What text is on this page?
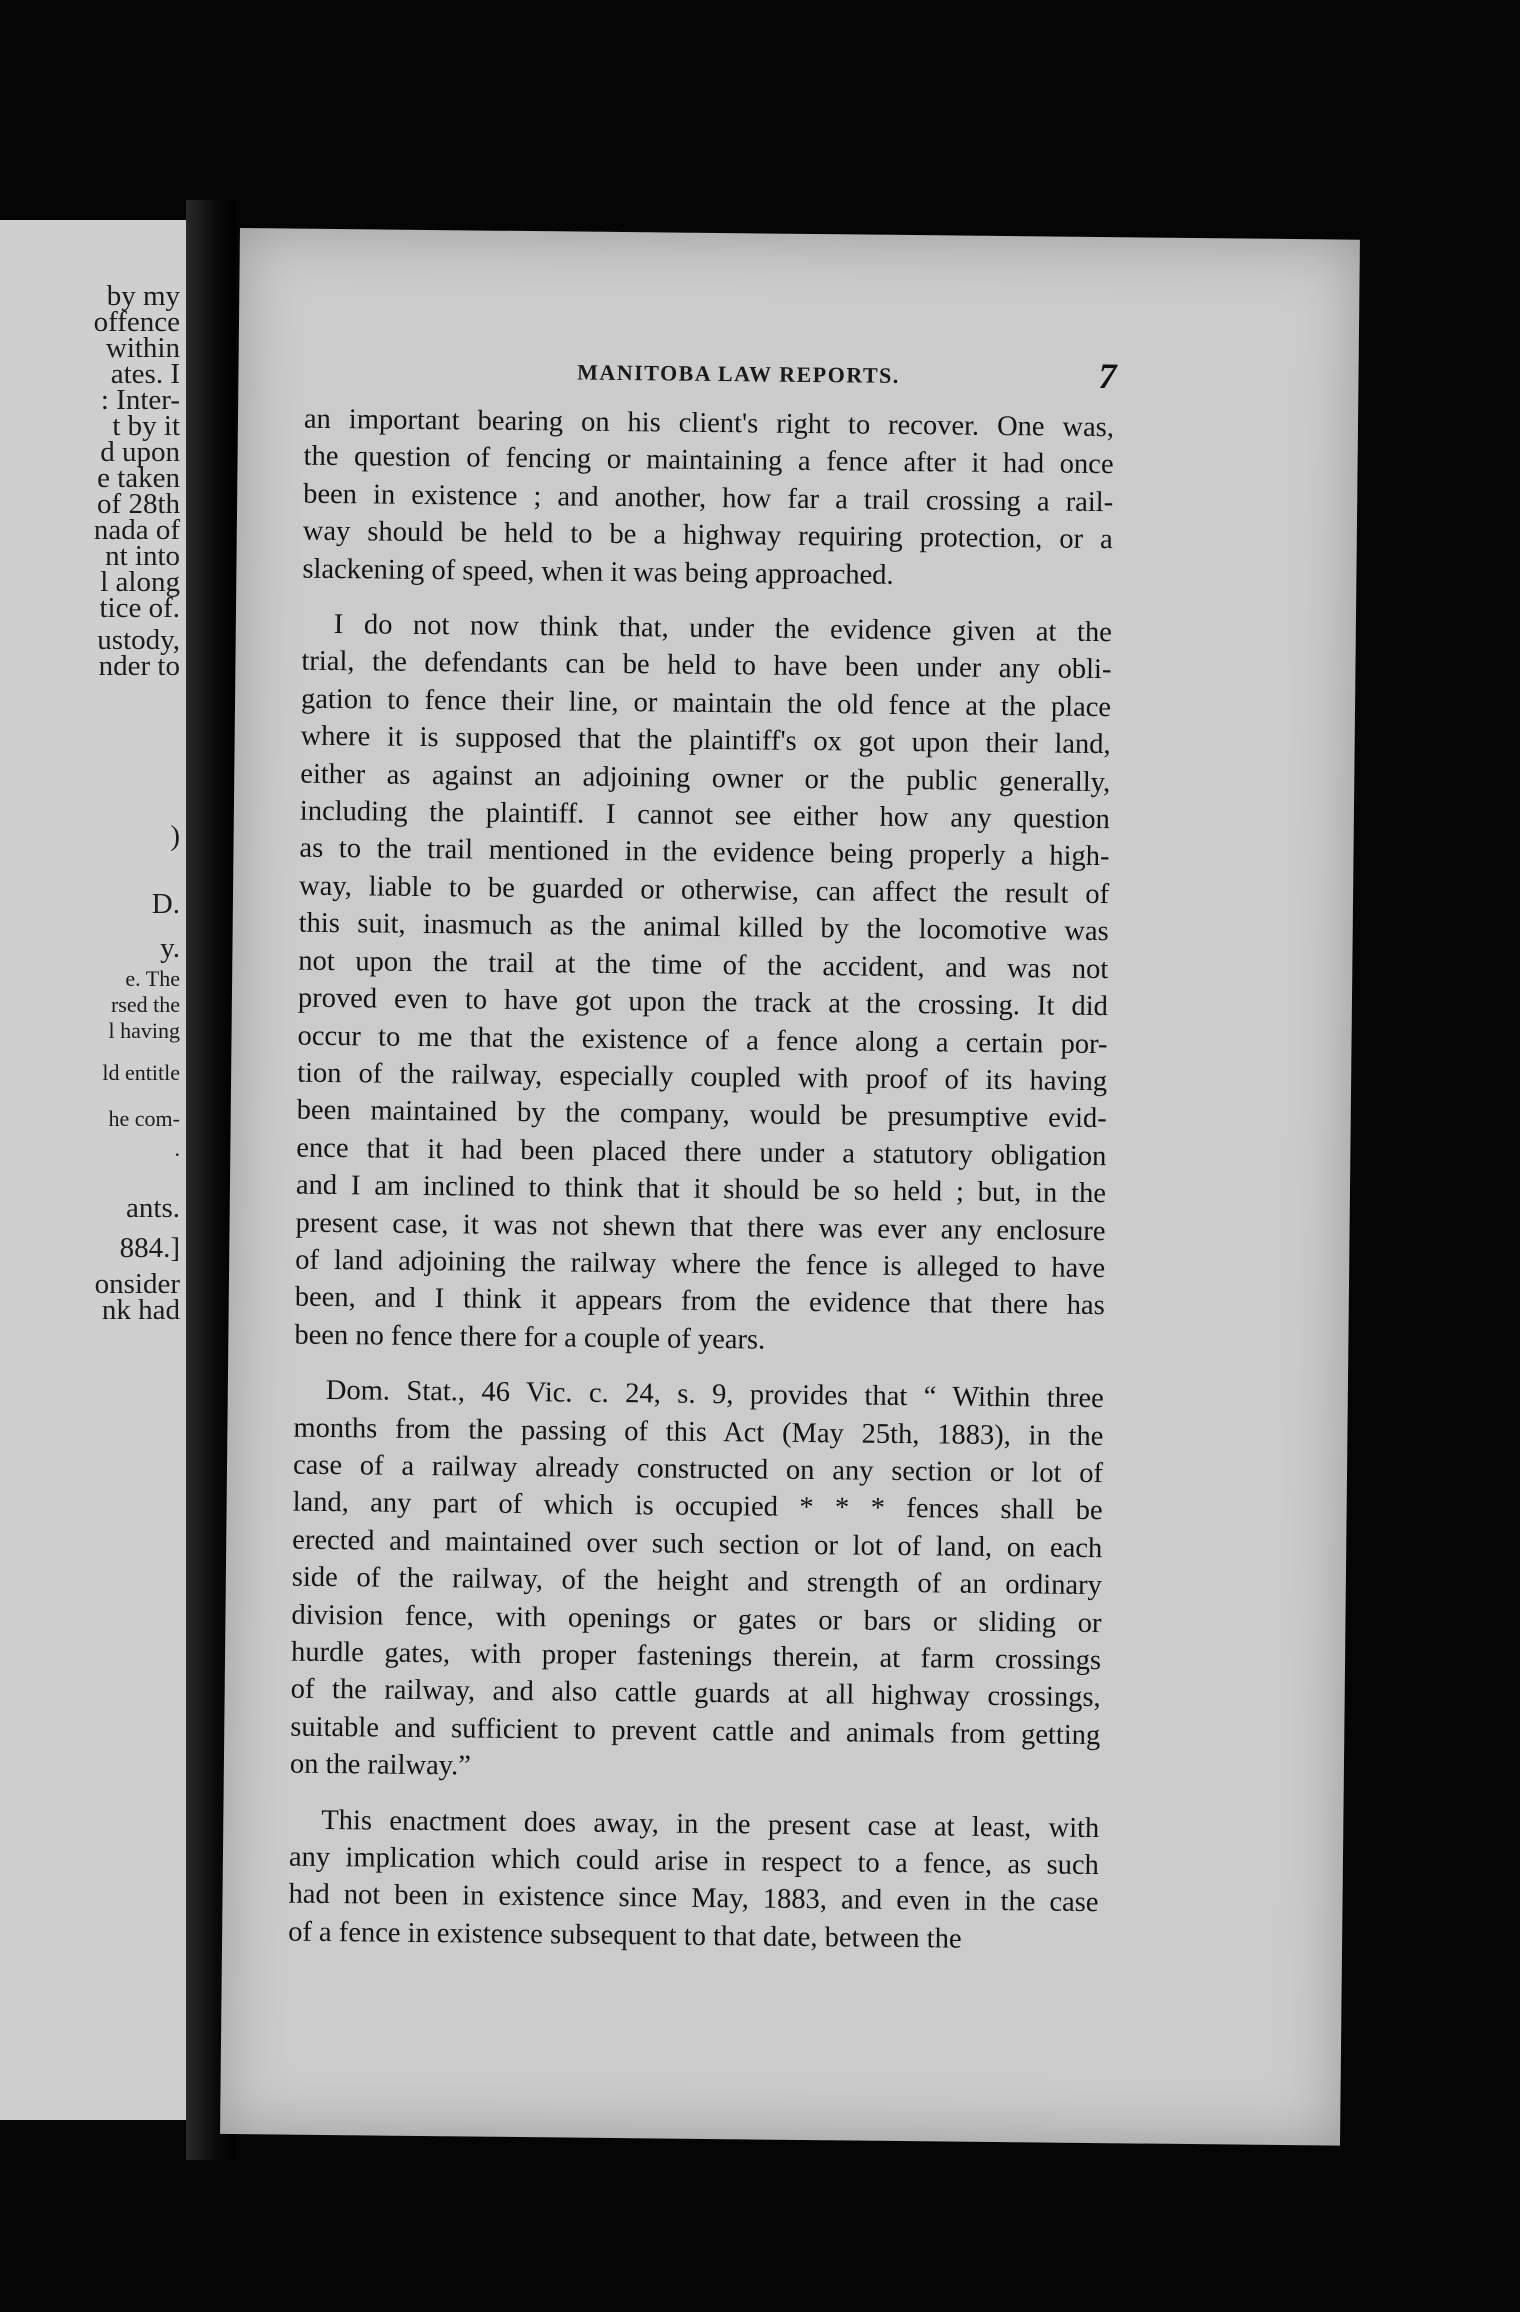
by my
offence
within
ates. I
: Inter-
t by it
d upon
e taken
of 28th
nada of
nt into
l along
tice of.
ustody,
nder to
)
D.
y.
e. The
rsed the
l having
ld entitle
he com-
.
ants.
884.]
onsider
nk had
MANITOBA LAW REPORTS.	7
an important bearing on his client's right to recover. One was,
the question of fencing or maintaining a fence after it had once
been in existence ; and another, how far a trail crossing a rail-
way should be held to be a highway requiring protection, or a
slackening of speed, when it was being approached.
I do not now think that, under the evidence given at the
trial, the defendants can be held to have been under any obli-
gation to fence their line, or maintain the old fence at the place
where it is supposed that the plaintiff's ox got upon their land,
either as against an adjoining owner or the public generally,
including the plaintiff. I cannot see either how any question
as to the trail mentioned in the evidence being properly a high-
way, liable to be guarded or otherwise, can affect the result of
this suit, inasmuch as the animal killed by the locomotive was
not upon the trail at the time of the accident, and was not
proved even to have got upon the track at the crossing. It did
occur to me that the existence of a fence along a certain por-
tion of the railway, especially coupled with proof of its having
been maintained by the company, would be presumptive evid-
ence that it had been placed there under a statutory obligation
and I am inclined to think that it should be so held ; but, in the
present case, it was not shewn that there was ever any enclosure
of land adjoining the railway where the fence is alleged to have
been, and I think it appears from the evidence that there has
been no fence there for a couple of years.
Dom. Stat., 46 Vic. c. 24, s. 9, provides that “ Within three
months from the passing of this Act (May 25th, 1883), in the
case of a railway already constructed on any section or lot of
land, any part of which is occupied * * * fences shall be
erected and maintained over such section or lot of land, on each
side of the railway, of the height and strength of an ordinary
division fence, with openings or gates or bars or sliding or
hurdle gates, with proper fastenings therein, at farm crossings
of the railway, and also cattle guards at all highway crossings,
suitable and sufficient to prevent cattle and animals from getting
on the railway.”
This enactment does away, in the present case at least, with
any implication which could arise in respect to a fence, as such
had not been in existence since May, 1883, and even in the case
of a fence in existence subsequent to that date, between the
